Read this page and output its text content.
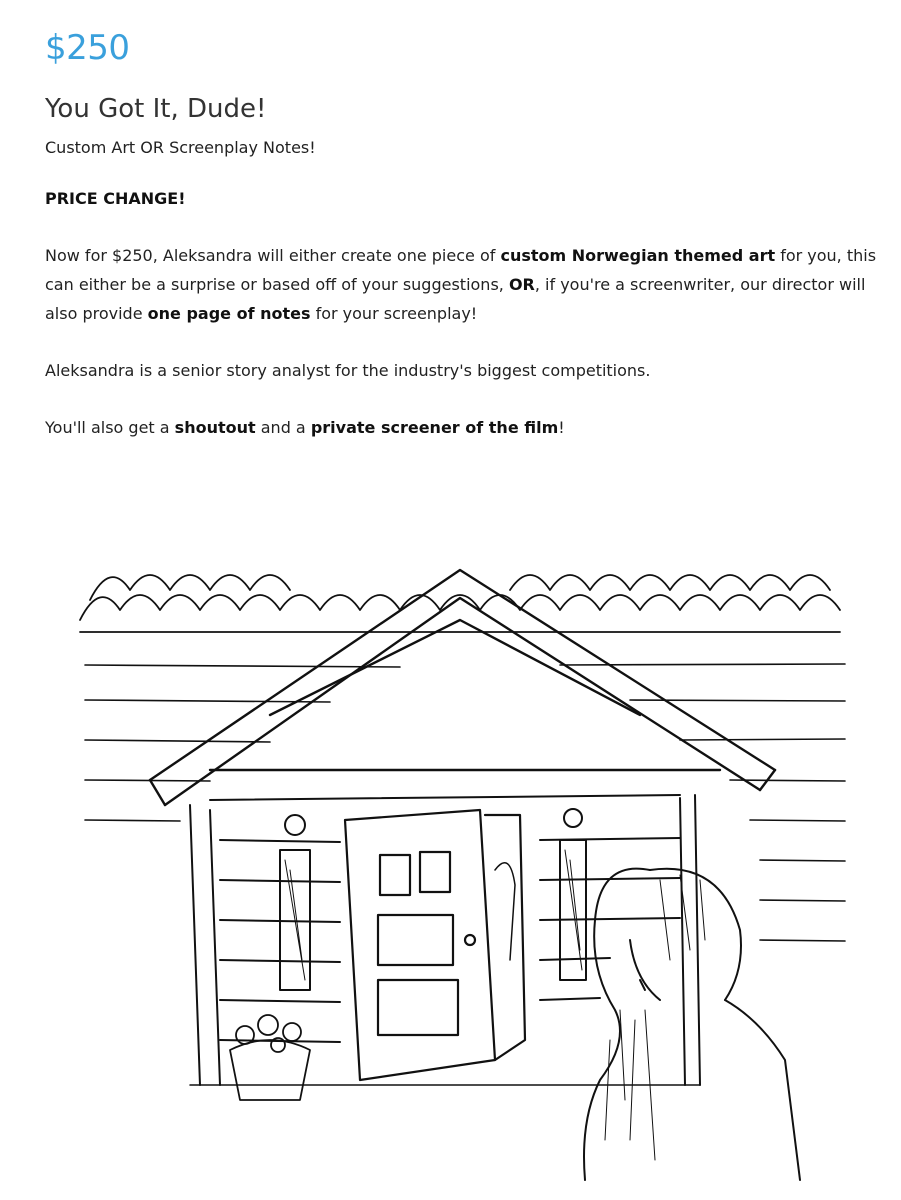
$250
You Got It, Dude!

Custom Art OR Screenplay Notes!

PRICE CHANGE!

Now for $250, Aleksandra will either create one piece of custom Norwegian themed art for you, this can either be a surprise or based off of your suggestions, OR, if you're a screenwriter, our director will also provide one page of notes for your screenplay!

Aleksandra is a senior story analyst for the industry's biggest competitions.

You'll also get a shoutout and a private screener of the film!
